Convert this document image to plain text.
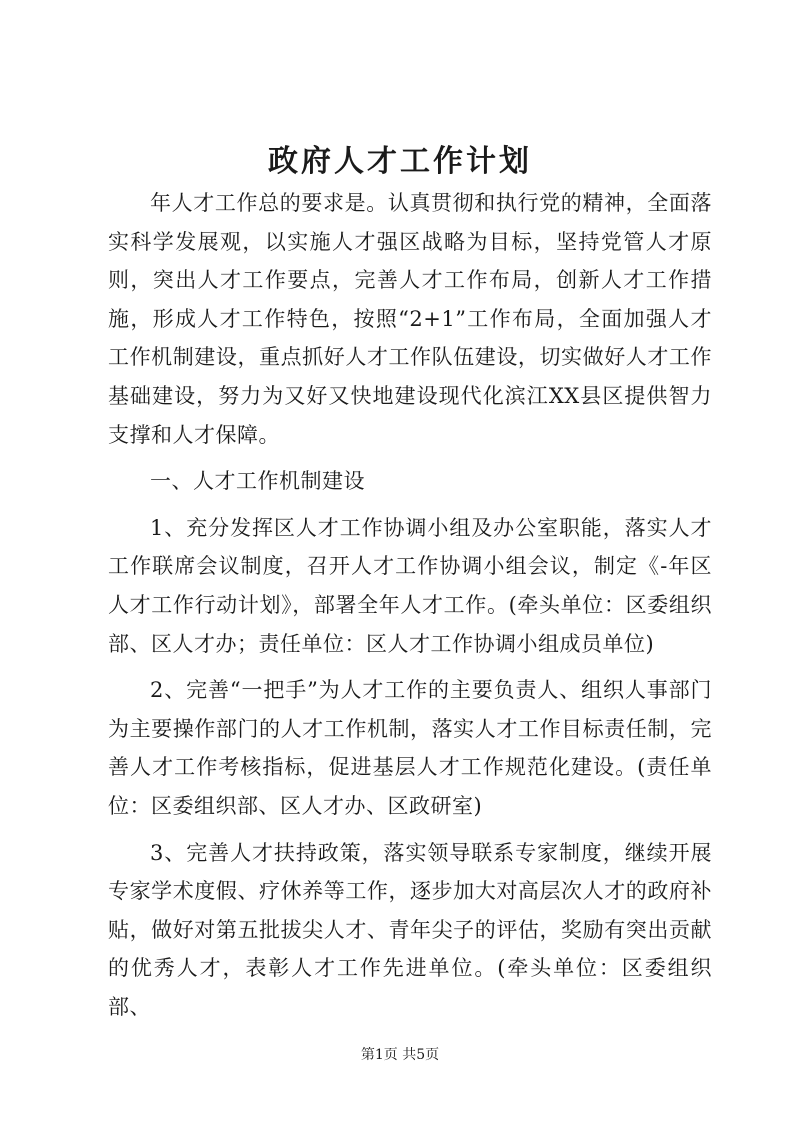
政府人才工作计划

年人才工作总的要求是。认真贯彻和执行党的精神，全面落实科学发展观，以实施人才强区战略为目标，坚持党管人才原则，突出人才工作要点，完善人才工作布局，创新人才工作措施，形成人才工作特色，按照“2+1”工作布局，全面加强人才工作机制建设，重点抓好人才工作队伍建设，切实做好人才工作基础建设，努力为又好又快地建设现代化滨江XX县区提供智力支撑和人才保障。

一、人才工作机制建设

1、充分发挥区人才工作协调小组及办公室职能，落实人才工作联席会议制度，召开人才工作协调小组会议，制定《-年区人才工作行动计划》，部署全年人才工作。(牵头单位：区委组织部、区人才办；责任单位：区人才工作协调小组成员单位)

2、完善“一把手”为人才工作的主要负责人、组织人事部门为主要操作部门的人才工作机制，落实人才工作目标责任制，完善人才工作考核指标，促进基层人才工作规范化建设。(责任单位：区委组织部、区人才办、区政研室)

3、完善人才扶持政策，落实领导联系专家制度，继续开展专家学术度假、疗休养等工作，逐步加大对高层次人才的政府补贴，做好对第五批拔尖人才、青年尖子的评估，奖励有突出贡献的优秀人才，表彰人才工作先进单位。(牵头单位：区委组织部、

第1页 共5页
